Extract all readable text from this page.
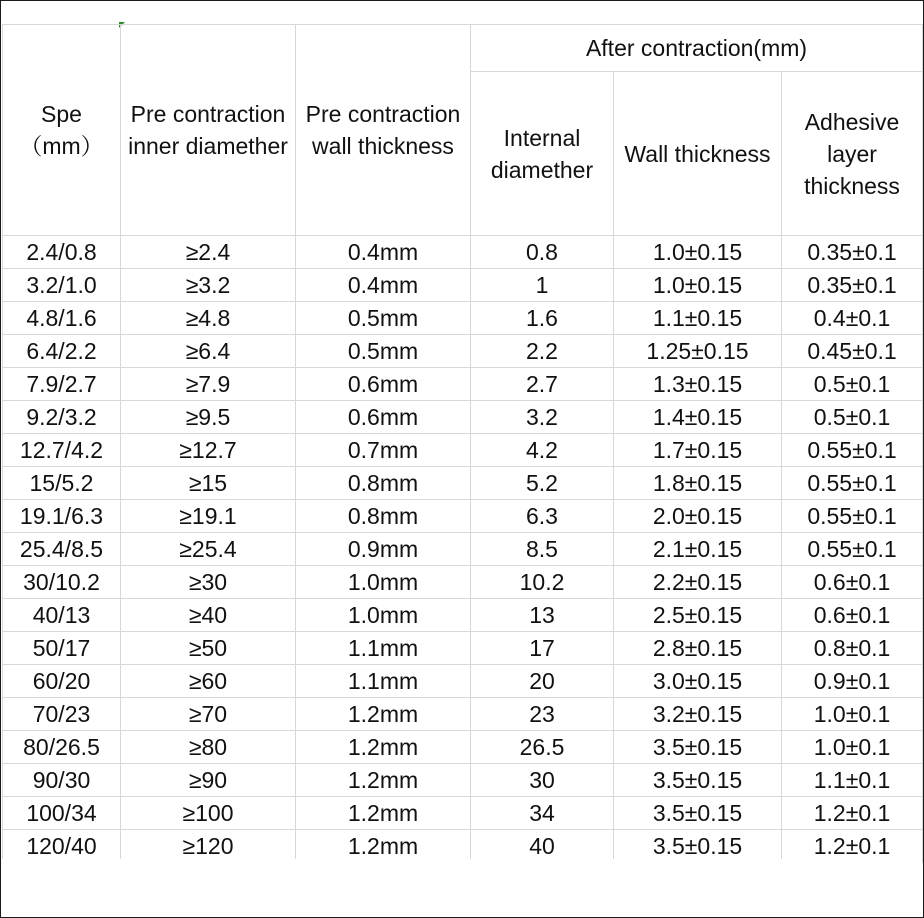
Spe
（mm）	Pre contraction inner diamether	Pre contraction wall thickness	After contraction(mm)		
			Internal diamether	Wall thickness	Adhesive layer thickness
2.4/0.8	≥2.4	0.4mm	0.8	1.0±0.15	0.35±0.1
3.2/1.0	≥3.2	0.4mm	1	1.0±0.15	0.35±0.1
4.8/1.6	≥4.8	0.5mm	1.6	1.1±0.15	0.4±0.1
6.4/2.2	≥6.4	0.5mm	2.2	1.25±0.15	0.45±0.1
7.9/2.7	≥7.9	0.6mm	2.7	1.3±0.15	0.5±0.1
9.2/3.2	≥9.5	0.6mm	3.2	1.4±0.15	0.5±0.1
12.7/4.2	≥12.7	0.7mm	4.2	1.7±0.15	0.55±0.1
15/5.2	≥15	0.8mm	5.2	1.8±0.15	0.55±0.1
19.1/6.3	≥19.1	0.8mm	6.3	2.0±0.15	0.55±0.1
25.4/8.5	≥25.4	0.9mm	8.5	2.1±0.15	0.55±0.1
30/10.2	≥30	1.0mm	10.2	2.2±0.15	0.6±0.1
40/13	≥40	1.0mm	13	2.5±0.15	0.6±0.1
50/17	≥50	1.1mm	17	2.8±0.15	0.8±0.1
60/20	≥60	1.1mm	20	3.0±0.15	0.9±0.1
70/23	≥70	1.2mm	23	3.2±0.15	1.0±0.1
80/26.5	≥80	1.2mm	26.5	3.5±0.15	1.0±0.1
90/30	≥90	1.2mm	30	3.5±0.15	1.1±0.1
100/34	≥100	1.2mm	34	3.5±0.15	1.2±0.1
120/40	≥120	1.2mm	40	3.5±0.15	1.2±0.1
